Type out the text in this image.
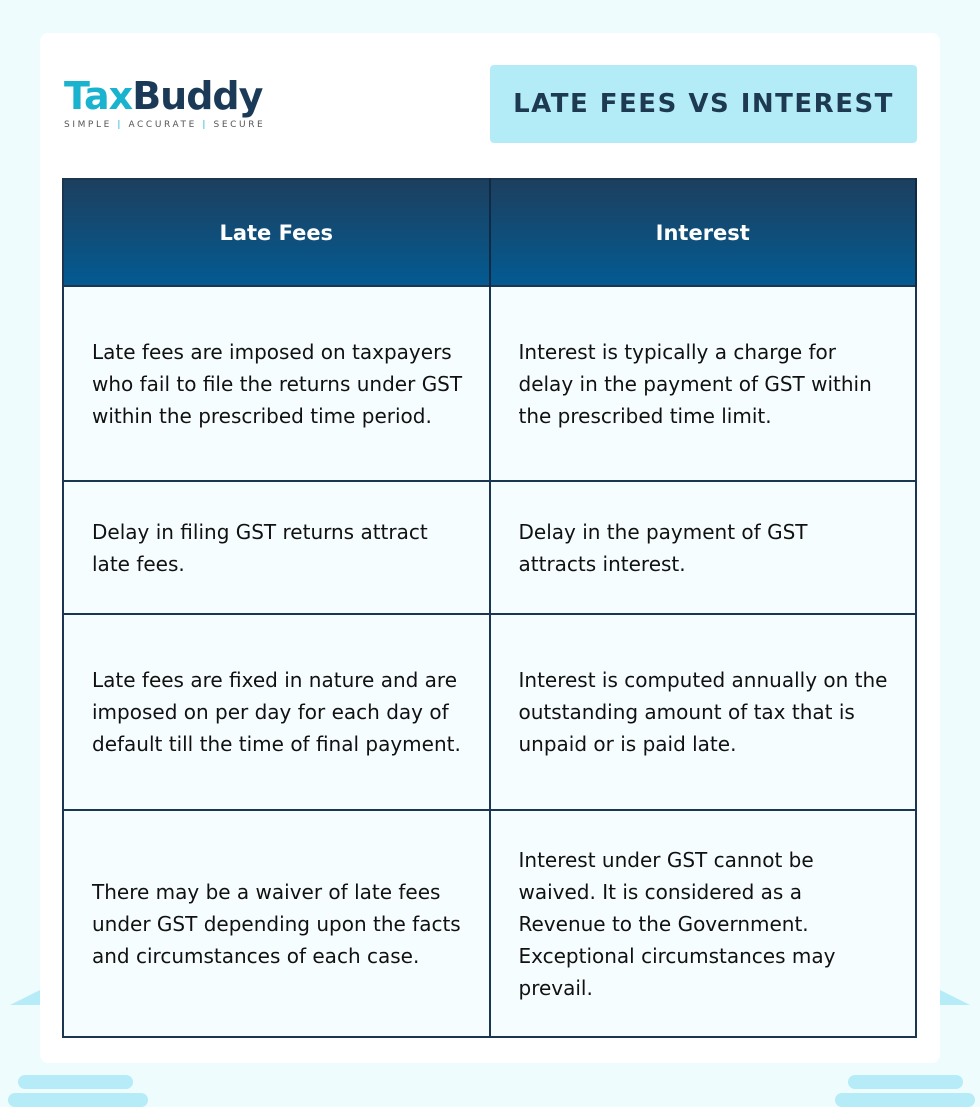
TaxBuddy
SIMPLE | ACCURATE | SECURE
LATE FEES VS INTEREST
Late Fees	Interest
Late fees are imposed on taxpayers who fail to file the returns under GST within the prescribed time period.	Interest is typically a charge for delay in the payment of GST within the prescribed time limit.
Delay in filing GST returns attract late fees.	Delay in the payment of GST attracts interest.
Late fees are fixed in nature and are imposed on per day for each day of default till the time of final payment.	Interest is computed annually on the outstanding amount of tax that is unpaid or is paid late.
There may be a waiver of late fees under GST depending upon the facts and circumstances of each case.	Interest under GST cannot be waived. It is considered as a Revenue to the Government. Exceptional circumstances may prevail.
